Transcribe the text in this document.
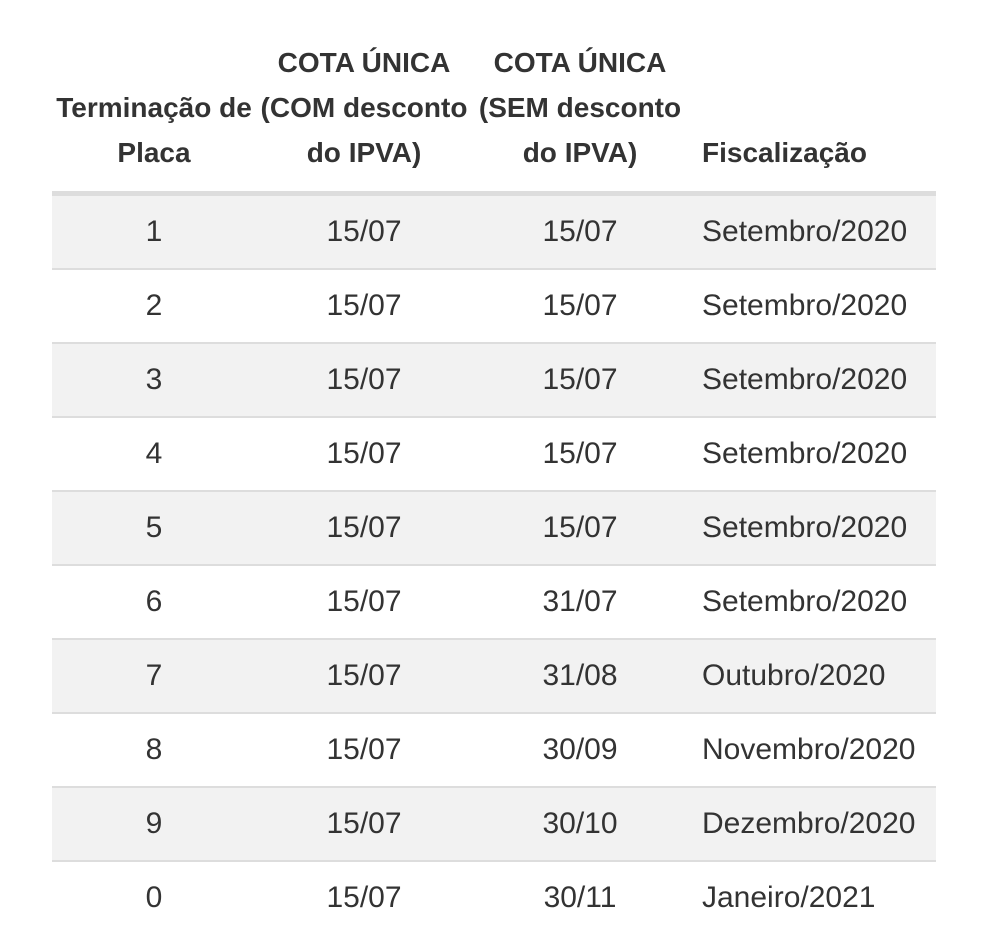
Terminação de Placa	COTA ÚNICA (COM desconto do IPVA)	COTA ÚNICA (SEM desconto do IPVA)	Fiscalização
1	15/07	15/07	Setembro/2020
2	15/07	15/07	Setembro/2020
3	15/07	15/07	Setembro/2020
4	15/07	15/07	Setembro/2020
5	15/07	15/07	Setembro/2020
6	15/07	31/07	Setembro/2020
7	15/07	31/08	Outubro/2020
8	15/07	30/09	Novembro/2020
9	15/07	30/10	Dezembro/2020
0	15/07	30/11	Janeiro/2021
